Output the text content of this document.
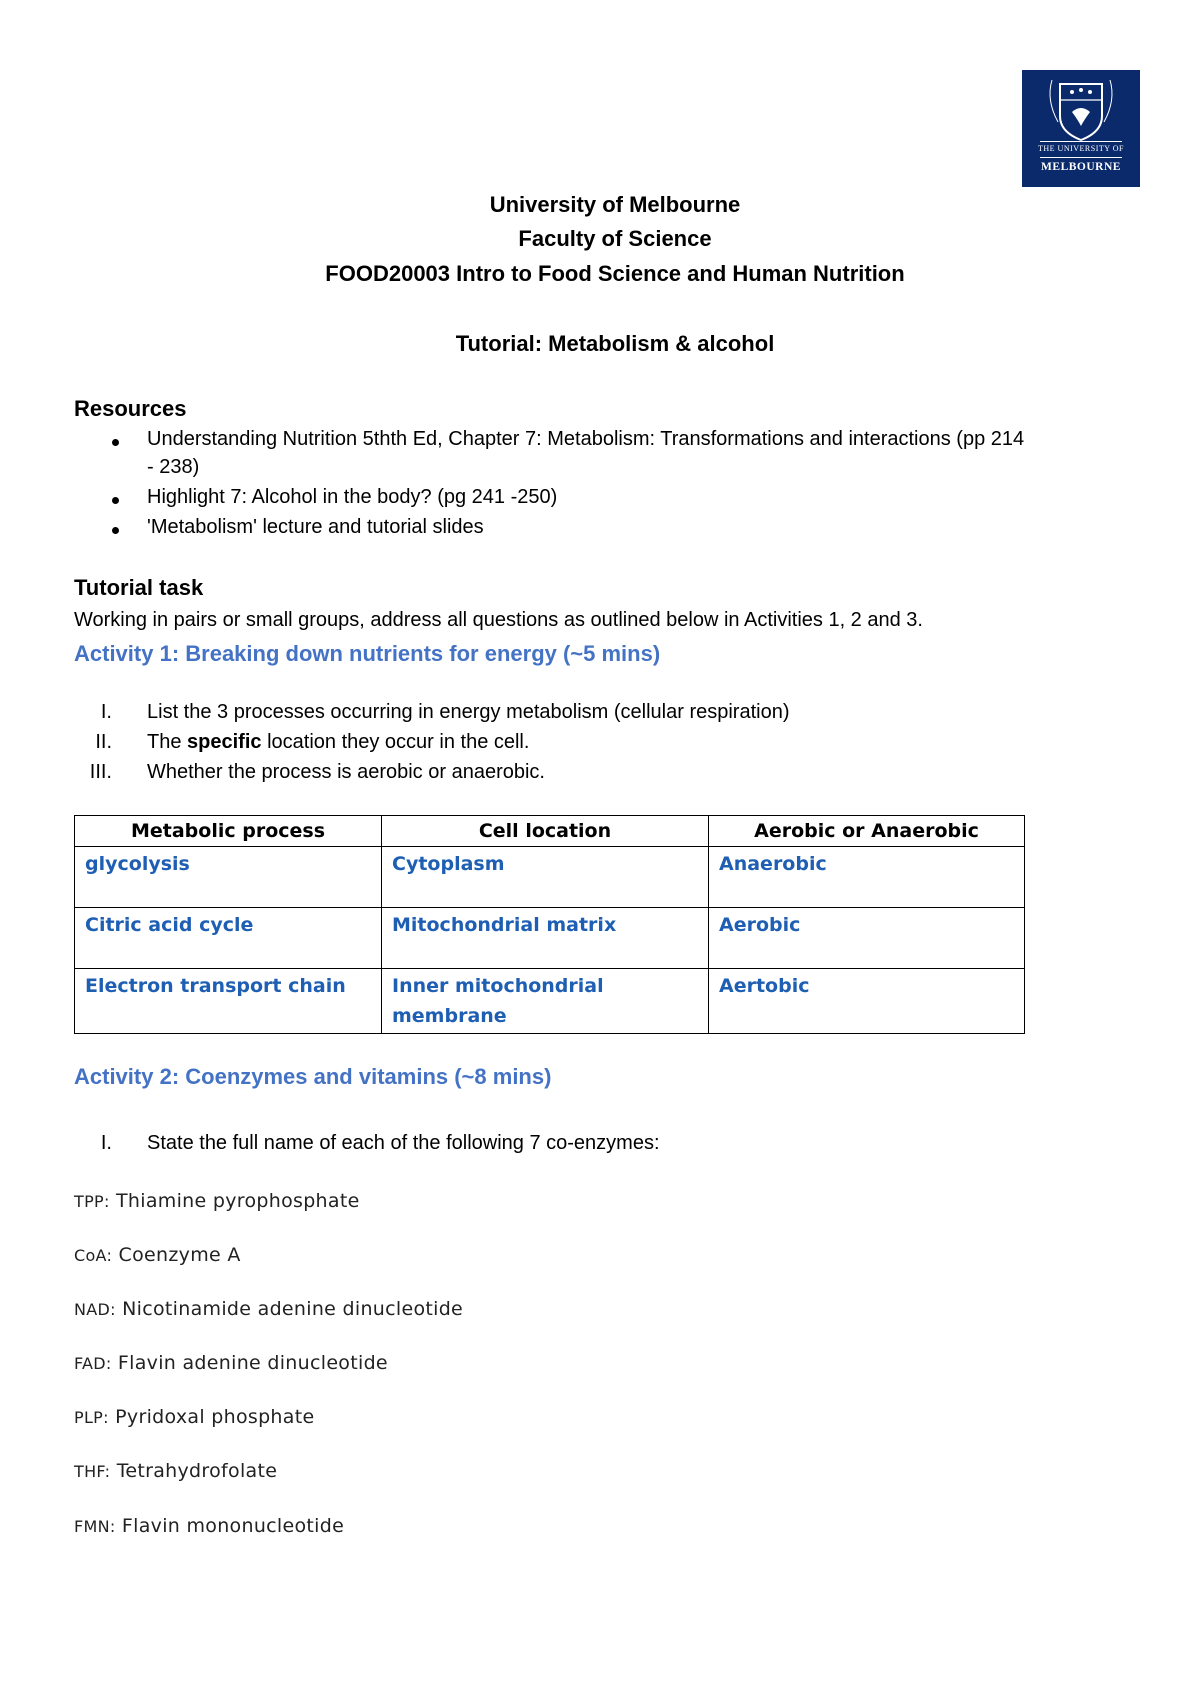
THE UNIVERSITY OF
MELBOURNE
University of Melbourne
Faculty of Science
FOOD20003 Intro to Food Science and Human Nutrition
Tutorial: Metabolism & alcohol
Resources
Understanding Nutrition 5thth Ed, Chapter 7: Metabolism: Transformations and interactions (pp 214
- 238)
Highlight 7: Alcohol in the body? (pg 241 -250)
'Metabolism' lecture and tutorial slides
Tutorial task
Working in pairs or small groups, address all questions as outlined below in Activities 1, 2 and 3.
Activity 1: Breaking down nutrients for energy (~5 mins)
I. List the 3 processes occurring in energy metabolism (cellular respiration)
II. The specific location they occur in the cell.
III. Whether the process is aerobic or anaerobic.
Metabolic process	Cell location	Aerobic or Anaerobic
glycolysis	Cytoplasm	Anaerobic
Citric acid cycle	Mitochondrial matrix	Aerobic
Electron transport chain	Inner mitochondrial membrane	Aertobic
Activity 2: Coenzymes and vitamins (~8 mins)
I. State the full name of each of the following 7 co-enzymes:
TPP: Thiamine pyrophosphate
CoA: Coenzyme A
NAD: Nicotinamide adenine dinucleotide
FAD: Flavin adenine dinucleotide
PLP: Pyridoxal phosphate
THF: Tetrahydrofolate
FMN: Flavin mononucleotide
